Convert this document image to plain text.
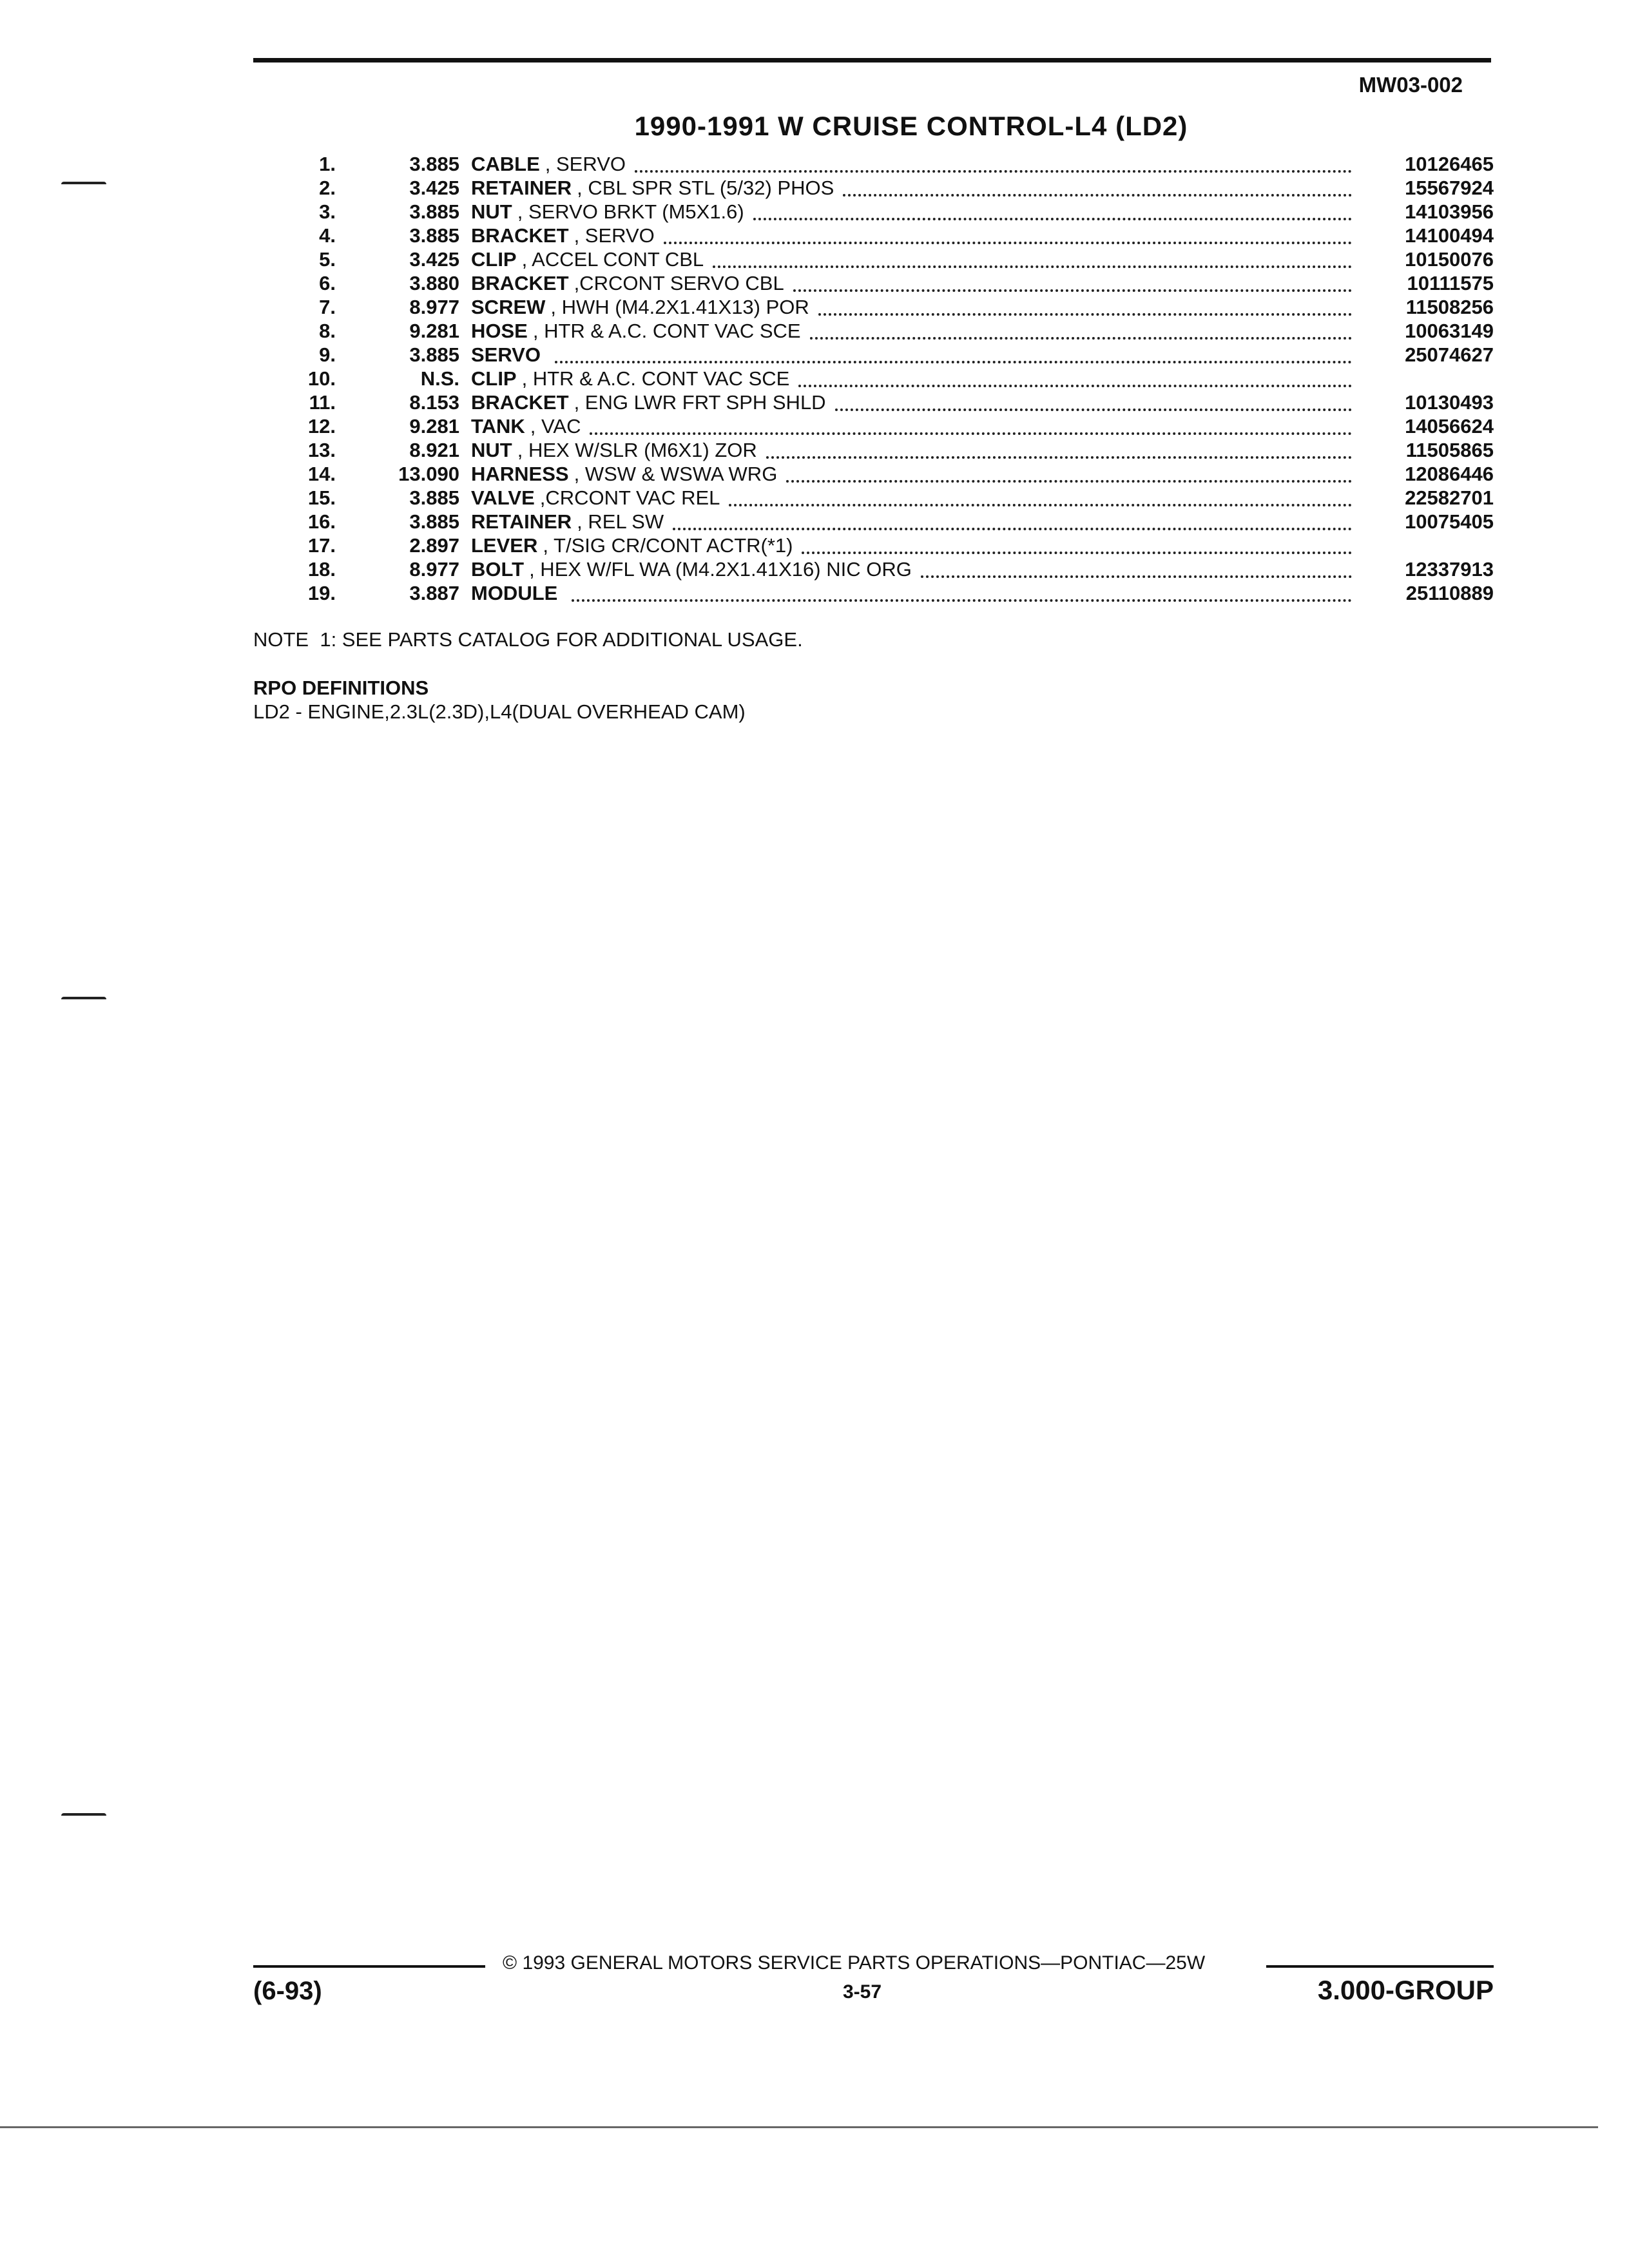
MW03-002
1990-1991 W CRUISE CONTROL-L4 (LD2)
1.	3.885 CABLE , SERVO	10126465
2.	3.425 RETAINER , CBL SPR STL (5/32) PHOS	15567924
3.	3.885 NUT , SERVO BRKT (M5X1.6)	14103956
4.	3.885 BRACKET , SERVO	14100494
5.	3.425 CLIP , ACCEL CONT CBL	10150076
6.	3.880 BRACKET ,CRCONT SERVO CBL	10111575
7.	8.977 SCREW , HWH (M4.2X1.41X13) POR	11508256
8.	9.281 HOSE , HTR & A.C. CONT VAC SCE	10063149
9.	3.885 SERVO	25074627
10.	N.S. CLIP , HTR & A.C. CONT VAC SCE
11.	8.153 BRACKET , ENG LWR FRT SPH SHLD	10130493
12.	9.281 TANK , VAC	14056624
13.	8.921 NUT , HEX W/SLR (M6X1) ZOR	11505865
14.	13.090 HARNESS , WSW & WSWA WRG	12086446
15.	3.885 VALVE ,CRCONT VAC REL	22582701
16.	3.885 RETAINER , REL SW	10075405
17.	2.897 LEVER , T/SIG CR/CONT ACTR(*1)
18.	8.977 BOLT , HEX W/FL WA (M4.2X1.41X16) NIC ORG	12337913
19.	3.887 MODULE	25110889
NOTE  1: SEE PARTS CATALOG FOR ADDITIONAL USAGE.
RPO DEFINITIONS
LD2 - ENGINE,2.3L(2.3D),L4(DUAL OVERHEAD CAM)
© 1993 GENERAL MOTORS SERVICE PARTS OPERATIONS—PONTIAC—25W
(6-93)	3-57	3.000-GROUP
